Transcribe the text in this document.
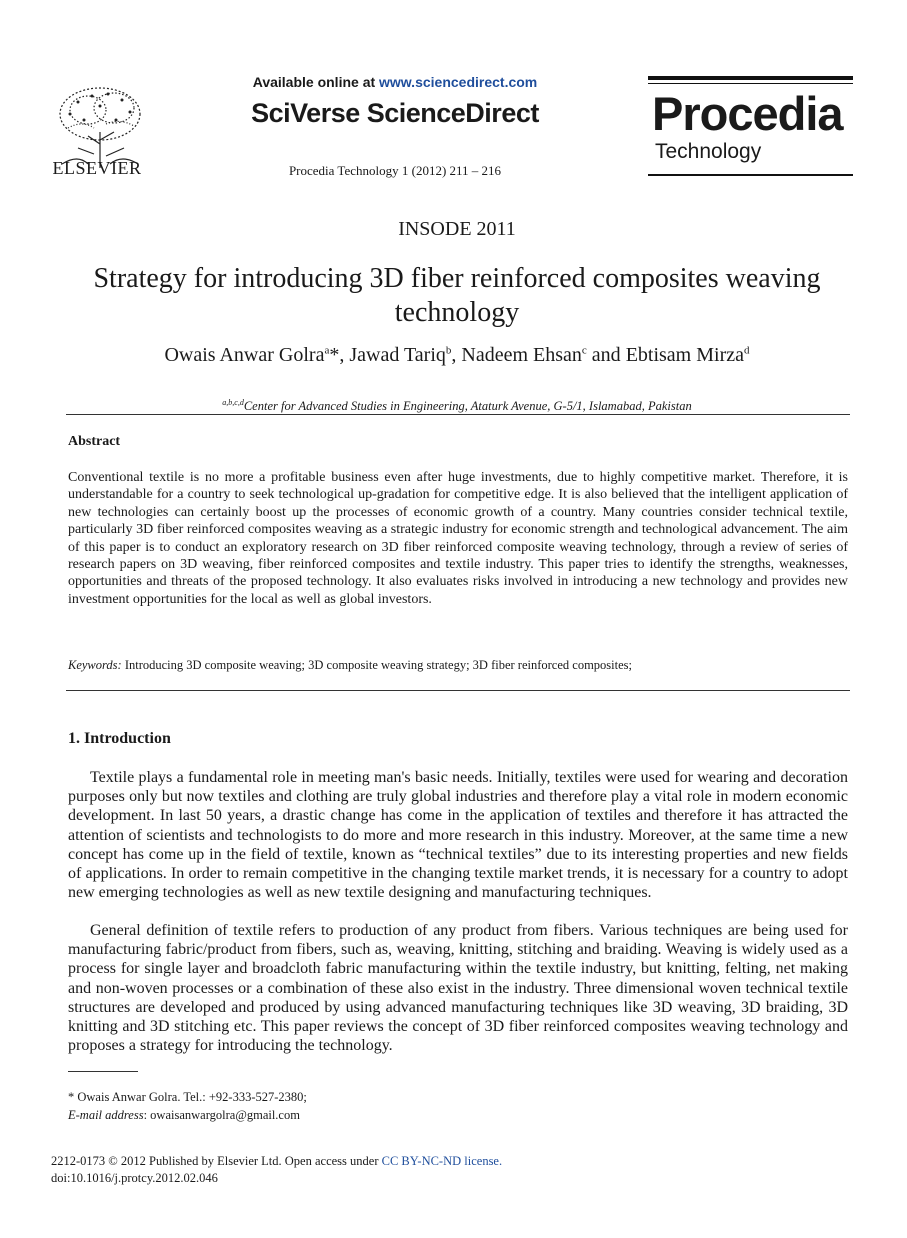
ELSEVIER
Available online at www.sciencedirect.com
SciVerse ScienceDirect
Procedia Technology 1 (2012) 211 – 216
Procedia
Technology
INSODE 2011
Strategy for introducing 3D fiber reinforced composites weaving technology
Owais Anwar Golra$^a$*, Jawad Tariq$^b$, Nadeem Ehsan$^c$ and Ebtisam Mirza$^d$
$^{a,b,c,d}$Center for Advanced Studies in Engineering, Ataturk Avenue, G-5/1, Islamabad, Pakistan
Abstract
Conventional textile is no more a profitable business even after huge investments, due to highly competitive market. Therefore, it is understandable for a country to seek technological up-gradation for competitive edge. It is also believed that the intelligent application of new technologies can certainly boost up the processes of economic growth of a country. Many countries consider technical textile, particularly 3D fiber reinforced composites weaving as a strategic industry for economic strength and technological advancement. The aim of this paper is to conduct an exploratory research on 3D fiber reinforced composite weaving technology, through a review of series of research papers on 3D weaving, fiber reinforced composites and textile industry. This paper tries to identify the strengths, weaknesses, opportunities and threats of the proposed technology. It also evaluates risks involved in introducing a new technology and provides new investment opportunities for the local as well as global investors.
Keywords: Introducing 3D composite weaving; 3D composite weaving strategy; 3D fiber reinforced composites;
1. Introduction
Textile plays a fundamental role in meeting man's basic needs. Initially, textiles were used for wearing and decoration purposes only but now textiles and clothing are truly global industries and therefore play a vital role in modern economic development. In last 50 years, a drastic change has come in the application of textiles and therefore it has attracted the attention of scientists and technologists to do more and more research in this industry. Moreover, at the same time a new concept has come up in the field of textile, known as “technical textiles” due to its interesting properties and new fields of applications. In order to remain competitive in the changing textile market trends, it is necessary for a country to adopt new emerging technologies as well as new textile designing and manufacturing techniques.
General definition of textile refers to production of any product from fibers. Various techniques are being used for manufacturing fabric/product from fibers, such as, weaving, knitting, stitching and braiding. Weaving is widely used as a process for single layer and broadcloth fabric manufacturing within the textile industry, but knitting, felting, net making and non-woven processes or a combination of these also exist in the industry. Three dimensional woven technical textile structures are developed and produced by using advanced manufacturing techniques like 3D weaving, 3D braiding, 3D knitting and 3D stitching etc. This paper reviews the concept of 3D fiber reinforced composites weaving technology and proposes a strategy for introducing the technology.
* Owais Anwar Golra. Tel.: +92-333-527-2380;
E-mail address: owaisanwargolra@gmail.com
2212-0173 © 2012 Published by Elsevier Ltd. Open access under CC BY-NC-ND license.
doi:10.1016/j.protcy.2012.02.046
